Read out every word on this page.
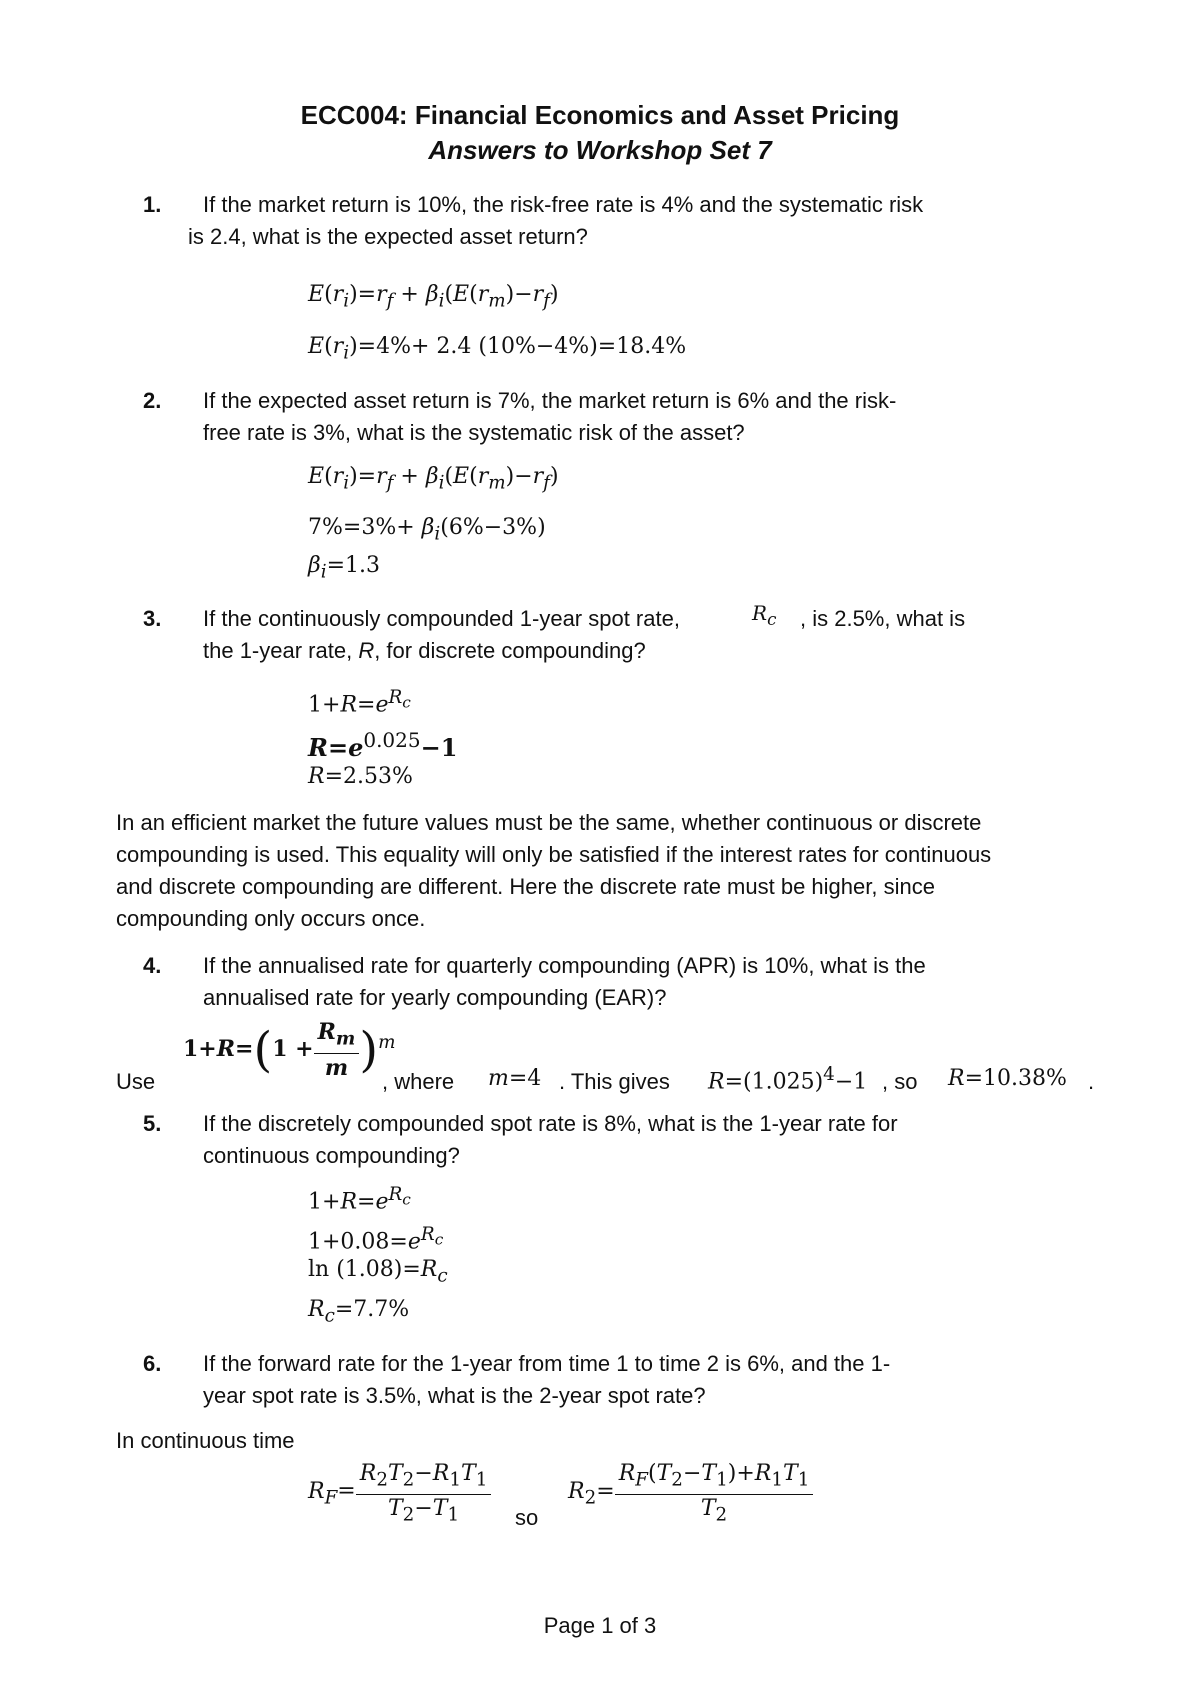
ECC004: Financial Economics and Asset Pricing
Answers to Workshop Set 7
1. If the market return is 10%, the risk-free rate is 4% and the systematic risk
is 2.4, what is the expected asset return?
$E(r_i)=r_f + \beta_i(E(r_m)-r_f)$
$E(r_i)=4\%+ 2.4$ (10%−4%)=18.4%
2. If the expected asset return is 7%, the market return is 6% and the risk-
free rate is 3%, what is the systematic risk of the asset?
$E(r_i)=r_f + \beta_i(E(r_m)-r_f)$
$7\%=3\%+ \beta_i(6\%-3\%)$
$\beta_i=1.3$
3. If the continuously compounded 1-year spot rate,	$R_c$ , is 2.5%, what is
the 1-year rate, R, for discrete compounding?
$1+R=e^{R_c}$
$R=e^{0.025}-1$
R=2.53%
In an efficient market the future values must be the same, whether continuous or discrete
compounding is used. This equality will only be satisfied if the interest rates for continuous
and discrete compounding are different. Here the discrete rate must be higher, since
compounding only occurs once.
4. If the annualised rate for quarterly compounding (APR) is 10%, what is the
annualised rate for yearly compounding (EAR)?
Use
$1+R=(1 + \frac{R_m}{m} )^m$
, where m=4 . This gives $R=(1.025)^4-1$ , so R=10.38% .
5. If the discretely compounded spot rate is 8%, what is the 1-year rate for
continuous compounding?
$1+R=e^{R_c}$
$1+0.08=e^{R_c}$
$\ln (1.08)=R_c$
$R_c=7.7\%$
6. If the forward rate for the 1-year from time 1 to time 2 is 6%, and the 1-
year spot rate is 3.5%, what is the 2-year spot rate?
In continuous time
$R_F= \frac{R_2T_2-R_1T_1}{T_2-T_1}$ so
$R_2= \frac{R_F(T_2-T_1)+R_1T_1}{T_2}$
Page 1 of 3
